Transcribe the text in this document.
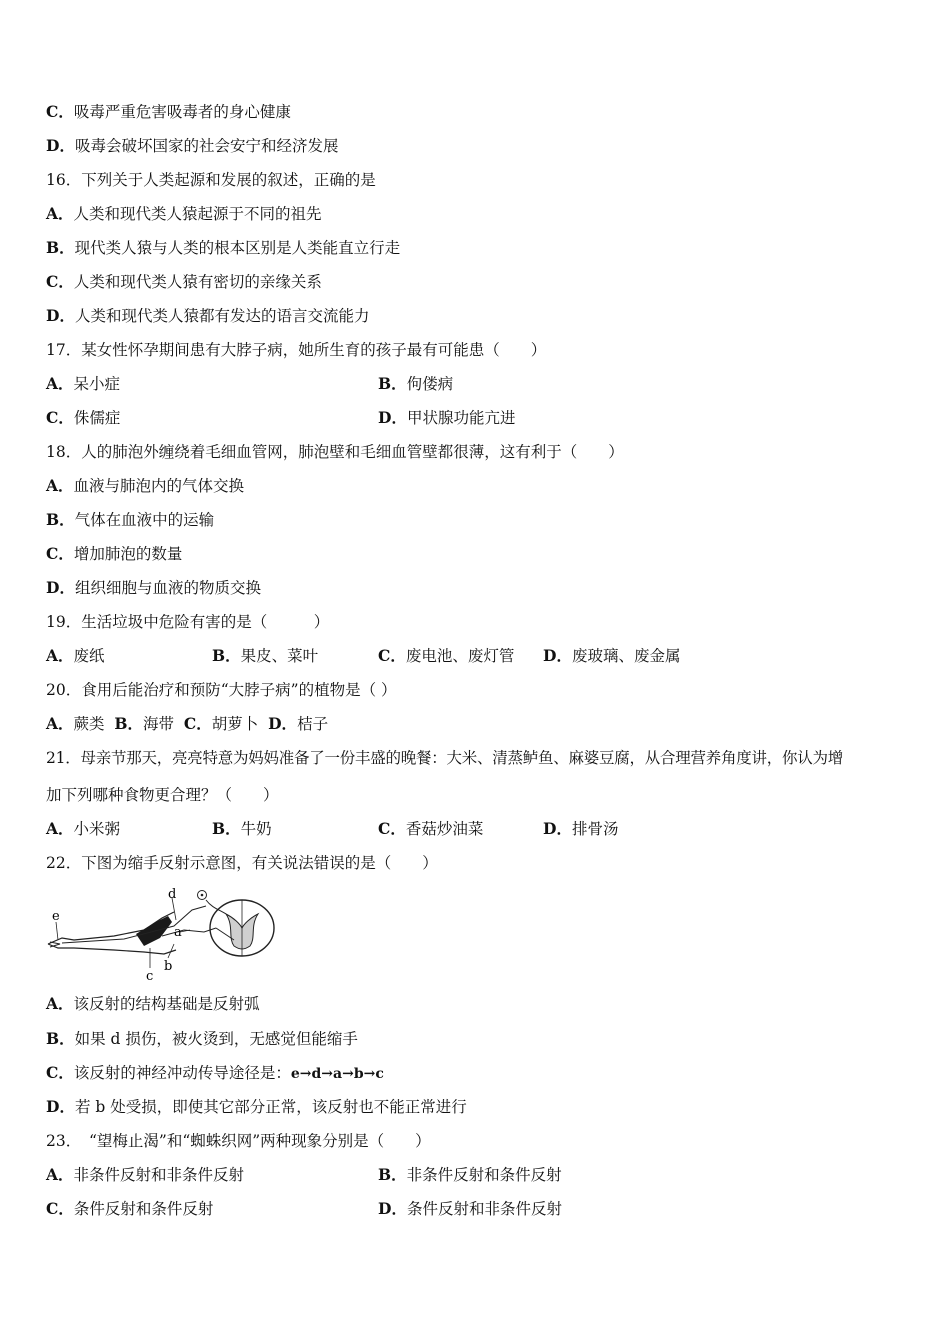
C．吸毒严重危害吸毒者的身心健康
D．吸毒会破坏国家的社会安宁和经济发展
16．下列关于人类起源和发展的叙述，正确的是
A．人类和现代类人猿起源于不同的祖先
B．现代类人猿与人类的根本区别是人类能直立行走
C．人类和现代类人猿有密切的亲缘关系
D．人类和现代类人猿都有发达的语言交流能力
17．某女性怀孕期间患有大脖子病，她所生育的孩子最有可能患（　　）
A．呆小症	B．佝偻病
C．侏儒症	D．甲状腺功能亢进
18．人的肺泡外缠绕着毛细血管网，肺泡壁和毛细血管壁都很薄，这有利于（　　）
A．血液与肺泡内的气体交换
B．气体在血液中的运输
C．增加肺泡的数量
D．组织细胞与血液的物质交换
19．生活垃圾中危险有害的是（　　　）
A．废纸	B．果皮、菜叶	C．废电池、废灯管 D．废玻璃、废金属
20．食用后能治疗和预防“大脖子病”的植物是（ ）
A．蕨类 B．海带 C．胡萝卜 D．桔子
21．母亲节那天，亮亮特意为妈妈准备了一份丰盛的晚餐：大米、清蒸鲈鱼、麻婆豆腐，从合理营养角度讲，你认为增
加下列哪种食物更合理？（　　）
A．小米粥	B．牛奶	C．香菇炒油菜	D．排骨汤
22．下图为缩手反射示意图，有关说法错误的是（　　）
d
e
a
b
c
A．该反射的结构基础是反射弧
B．如果 d 损伤，被火烫到，无感觉但能缩手
C．该反射的神经冲动传导途径是：e→d→a→b→c
D．若 b 处受损，即使其它部分正常，该反射也不能正常进行
23．　“望梅止渴”和“蜘蛛织网”两种现象分别是（　　）
A．非条件反射和非条件反射	B．非条件反射和条件反射
C．条件反射和条件反射	D．条件反射和非条件反射
